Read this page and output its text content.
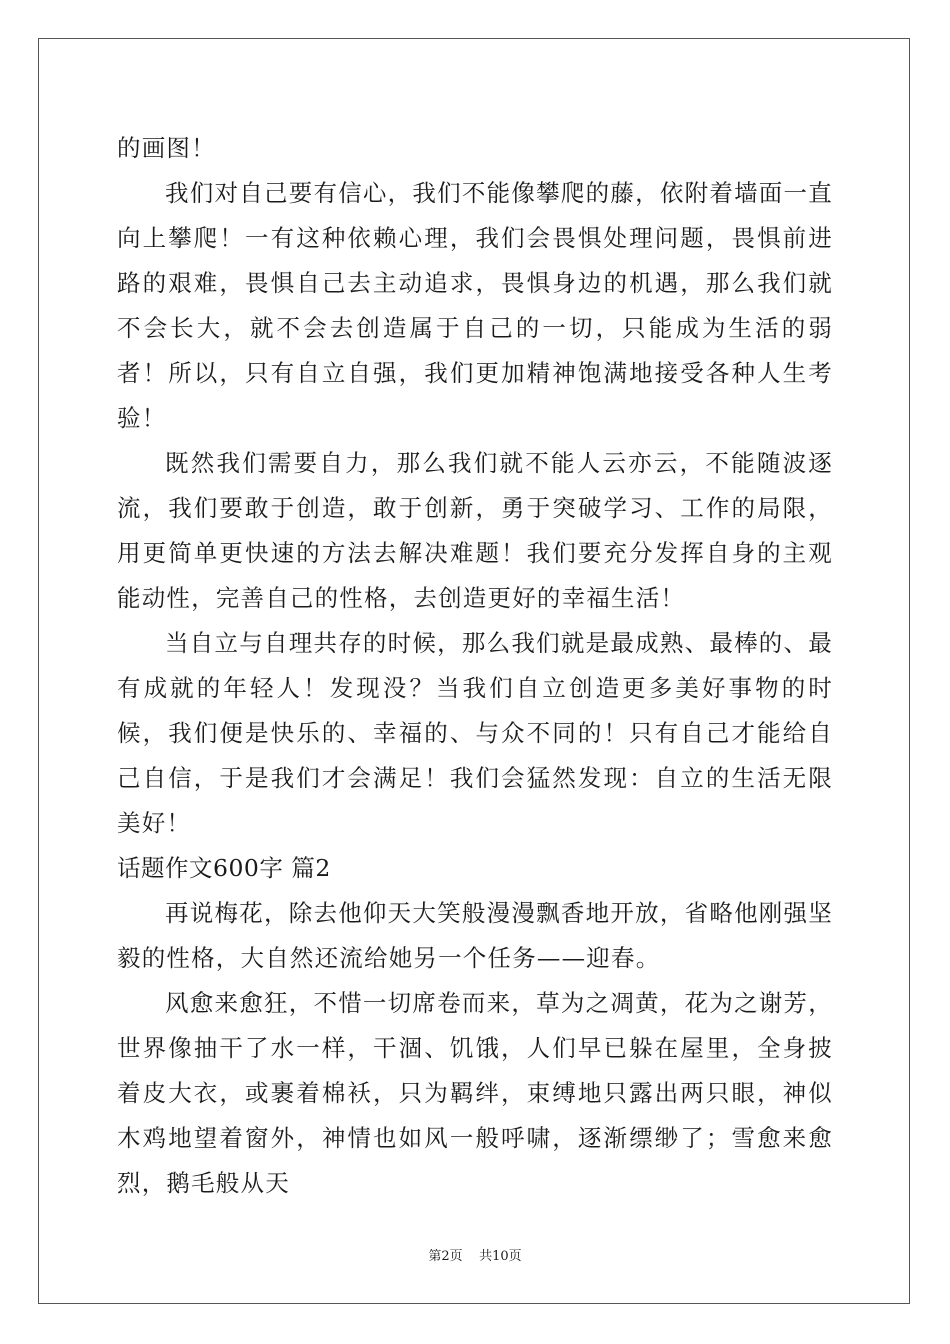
的画图！

我们对自己要有信心，我们不能像攀爬的藤，依附着墙面一直向上攀爬！一有这种依赖心理，我们会畏惧处理问题，畏惧前进路的艰难，畏惧自己去主动追求，畏惧身边的机遇，那么我们就不会长大，就不会去创造属于自己的一切，只能成为生活的弱者！所以，只有自立自强，我们更加精神饱满地接受各种人生考验！

既然我们需要自力，那么我们就不能人云亦云，不能随波逐流，我们要敢于创造，敢于创新，勇于突破学习、工作的局限，用更简单更快速的方法去解决难题！我们要充分发挥自身的主观能动性，完善自己的性格，去创造更好的幸福生活！

当自立与自理共存的时候，那么我们就是最成熟、最棒的、最有成就的年轻人！发现没？当我们自立创造更多美好事物的时候，我们便是快乐的、幸福的、与众不同的！只有自己才能给自己自信，于是我们才会满足！我们会猛然发现：自立的生活无限美好！

话题作文600字 篇2

再说梅花，除去他仰天大笑般漫漫飘香地开放，省略他刚强坚毅的性格，大自然还流给她另一个任务——迎春。

风愈来愈狂，不惜一切席卷而来，草为之凋黄，花为之谢芳，世界像抽干了水一样，干涸、饥饿，人们早已躲在屋里，全身披着皮大衣，或裹着棉袄，只为羁绊，束缚地只露出两只眼，神似木鸡地望着窗外，神情也如风一般呼啸，逐渐缥缈了；雪愈来愈烈，鹅毛般从天

第2页 共10页
